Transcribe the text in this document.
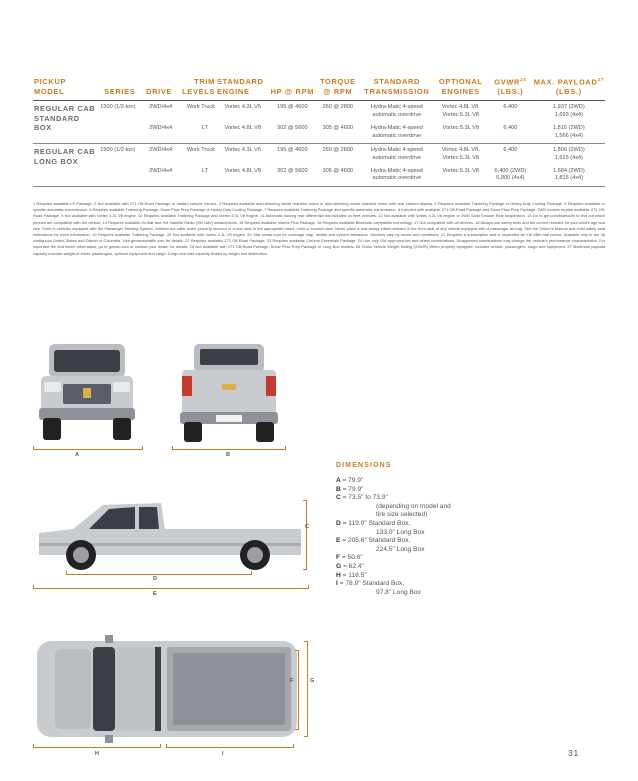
PICKUP MODEL	SERIES	DRIVE	TRIM LEVELS	STANDARD ENGINE	HP @ RPM	TORQUE @ RPM	STANDARD TRANSMISSION	OPTIONAL ENGINES	GVWR$^{24}$
(LBS.)	MAX. PAYLOAD$^{27}$
(LBS.)
REGULAR CAB STANDARD BOX	1500 (1/2-ton)	2WD/4x4	Work Truck	Vortec 4.3L V6	195 @ 4600	260 @ 2800	Hydra-Matic 4-speed
automatic overdrive	Vortec 4.8L V8,
Vortec 5.3L V8	6,400	1,937 (2WD)
1,693 (4x4)
		2WD/4x4	LT	Vortec 4.8L V8	302 @ 5600	305 @ 4600	Hydra-Matic 4-speed
automatic overdrive	Vortec 5.3L V8	6,400	1,815 (2WD)
1,566 (4x4)
REGULAR CAB LONG BOX	1500 (1/2-ton)	2WD/4x4	Work Truck	Vortec 4.3L V6	195 @ 4600	260 @ 2800	Hydra-Matic 4-speed
automatic overdrive	Vortec 4.8L V8,
Vortec 5.3L V8	6,400	1,806 (2WD)
1,615 (4x4)
		2WD/4x4	LT	Vortec 4.8L V8	302 @ 5600	305 @ 4600	Hydra-Matic 4-speed
automatic overdrive	Vortec 5.3L V8	6,400 (2WD)
6,800 (4x4)	1,684 (2WD)
1,815 (4x4)
1 Requires available LS Package. 2 Not available with Z71 Off-Road Package or heated camper mirrors. 3 Requires available auto-dimming inside rearview mirror or auto-dimming inside rearview mirror with rear camera display. 4 Requires available Trailering Package or Heavy-Duty Cooling Package. 5 Requires available or specific automatic transmission. 6 Requires available Trailering Package, Snow Plow Prep Package or Heavy-Duty Cooling Package. 7 Requires available Trailering Package and specific automatic transmission. 8 Included with available Z71 Off-Road Package and Snow Plow Prep Package. 2WD models require available Z71 Off-Road Package. 9 Not available with Vortec 4.3L V6 engine. 10 Requires available Trailering Package and Vortec 5.3L V8 engine. 11 Automatic locking rear differential not included on fleet vehicles. 12 Not available with Vortec 4.3L V6 engine or 2WD Solid Smooth Ride suspension. 13 Go to gm.com/bluetooth to find out which phones are compatible with the vehicle. 14 Requires available OnStar and XM Satellite Radio (XM NAV) subscriptions. 15 Requires available Interior Plus Package. 16 Requires available Bluetooth compatible technology. 17 Not compatible with all devices. 18 Always use safety belts and the correct restraint for your child's age and size. Even in vehicles equipped with the Passenger Sensing System, children are safer when properly secured in a rear seat in the appropriate infant, child or booster seat. Never place a rear-facing infant restraint in the front seat of any vehicle equipped with a passenger air bag. See the Owner's Manual and child safety seat instructions for more information. 19 Requires available Trailering Package. 20 Not available with Vortec 4.3L V6 engine. 20 Visit onstar.com for coverage map, details and system limitations. Services vary by model and conditions. 21 Requires a subscription and is separated as XM after trial period. Available only in the 48 contiguous United States and District of Columbia. Visit gmvsnavtraffic.com for details. 22 Requires available Z71 Off-Road Package. 23 Requires available Chrome Essentials Package. 24 Use only GM approved tire and wheel combinations. Unapproved combinations may change the vehicle's performance characteristics. For important tire and wheel information, go to gmvsn.com or contact your dealer for details. 25 Not available with Z71 Off-Road Package, Snow Plow Prep Package or Long Box models. 26 Gross Vehicle Weight Rating (GVWR) When properly equipped; includes vehicle, passengers, cargo and equipment. 27 Maximum payload capacity includes weight of driver, passengers, optional equipment and cargo. Cargo and load capacity limited by weight and distribution.
A	B
C
D
E
F	G
H	I
DIMENSIONS
A = 79.9"
B = 79.9"
C = 73.5" to 73.9"
(depending on model and
tire size selected)
D = 119.0" Standard Box,
133.0" Long Box
E = 205.6" Standard Box,
224.5" Long Box
F = 50.6"
G = 62.4"
H = 116.5"
I = 78.9" Standard Box,
97.8" Long Box
31
